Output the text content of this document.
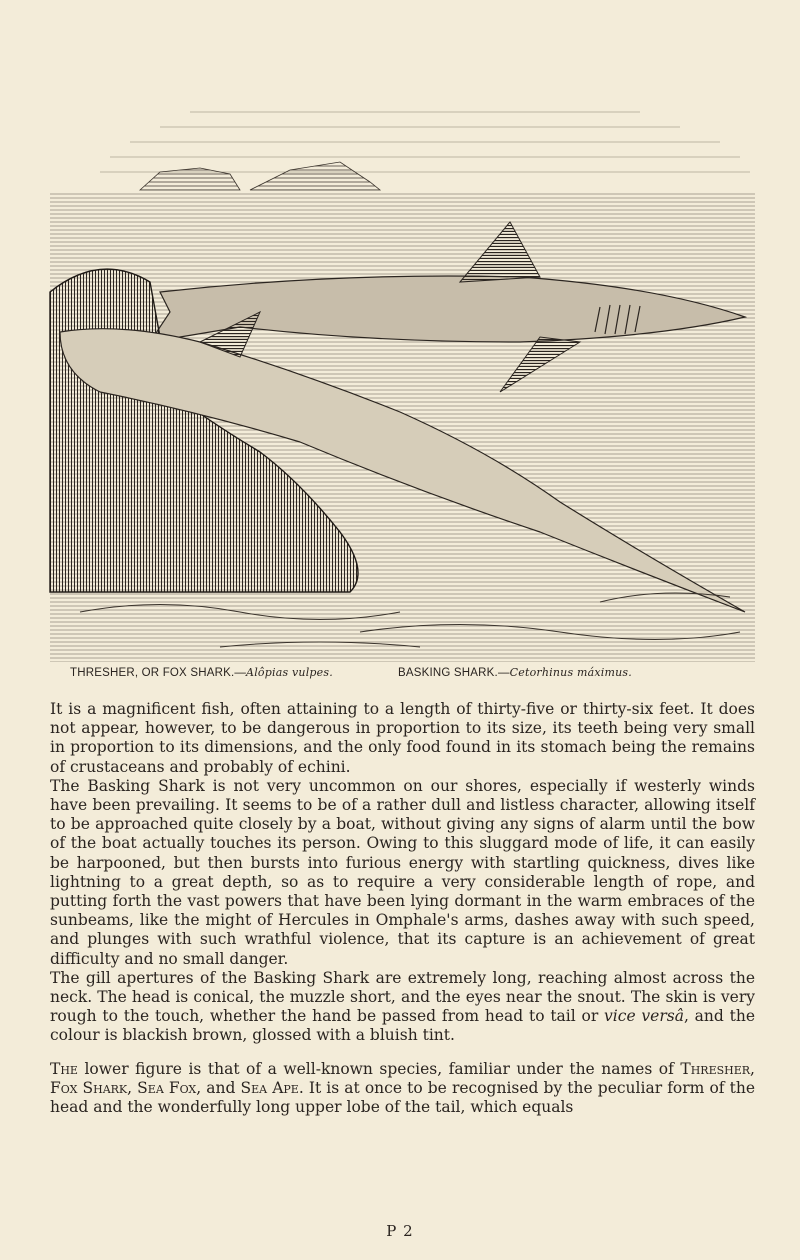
THRESHER, OR FOX SHARK.—Alôpias vulpes.	BASKING SHARK.—Cetorhinus máximus.

It is a magnificent fish, often attaining to a length of thirty-five or thirty-six feet. It does not appear, however, to be dangerous in proportion to its size, its teeth being very small in proportion to its dimensions, and the only food found in its stomach being the remains of crustaceans and probably of echini.

The Basking Shark is not very uncommon on our shores, especially if westerly winds have been prevailing. It seems to be of a rather dull and listless character, allowing itself to be approached quite closely by a boat, without giving any signs of alarm until the bow of the boat actually touches its person. Owing to this sluggard mode of life, it can easily be harpooned, but then bursts into furious energy with startling quickness, dives like lightning to a great depth, so as to require a very considerable length of rope, and putting forth the vast powers that have been lying dormant in the warm embraces of the sunbeams, like the might of Hercules in Omphale's arms, dashes away with such speed, and plunges with such wrathful violence, that its capture is an achievement of great difficulty and no small danger.

The gill apertures of the Basking Shark are extremely long, reaching almost across the neck. The head is conical, the muzzle short, and the eyes near the snout. The skin is very rough to the touch, whether the hand be passed from head to tail or vice versâ, and the colour is blackish brown, glossed with a bluish tint.

The lower figure is that of a well-known species, familiar under the names of Thresher, Fox Shark, Sea Fox, and Sea Ape. It is at once to be recognised by the peculiar form of the head and the wonderfully long upper lobe of the tail, which equals

P 2
